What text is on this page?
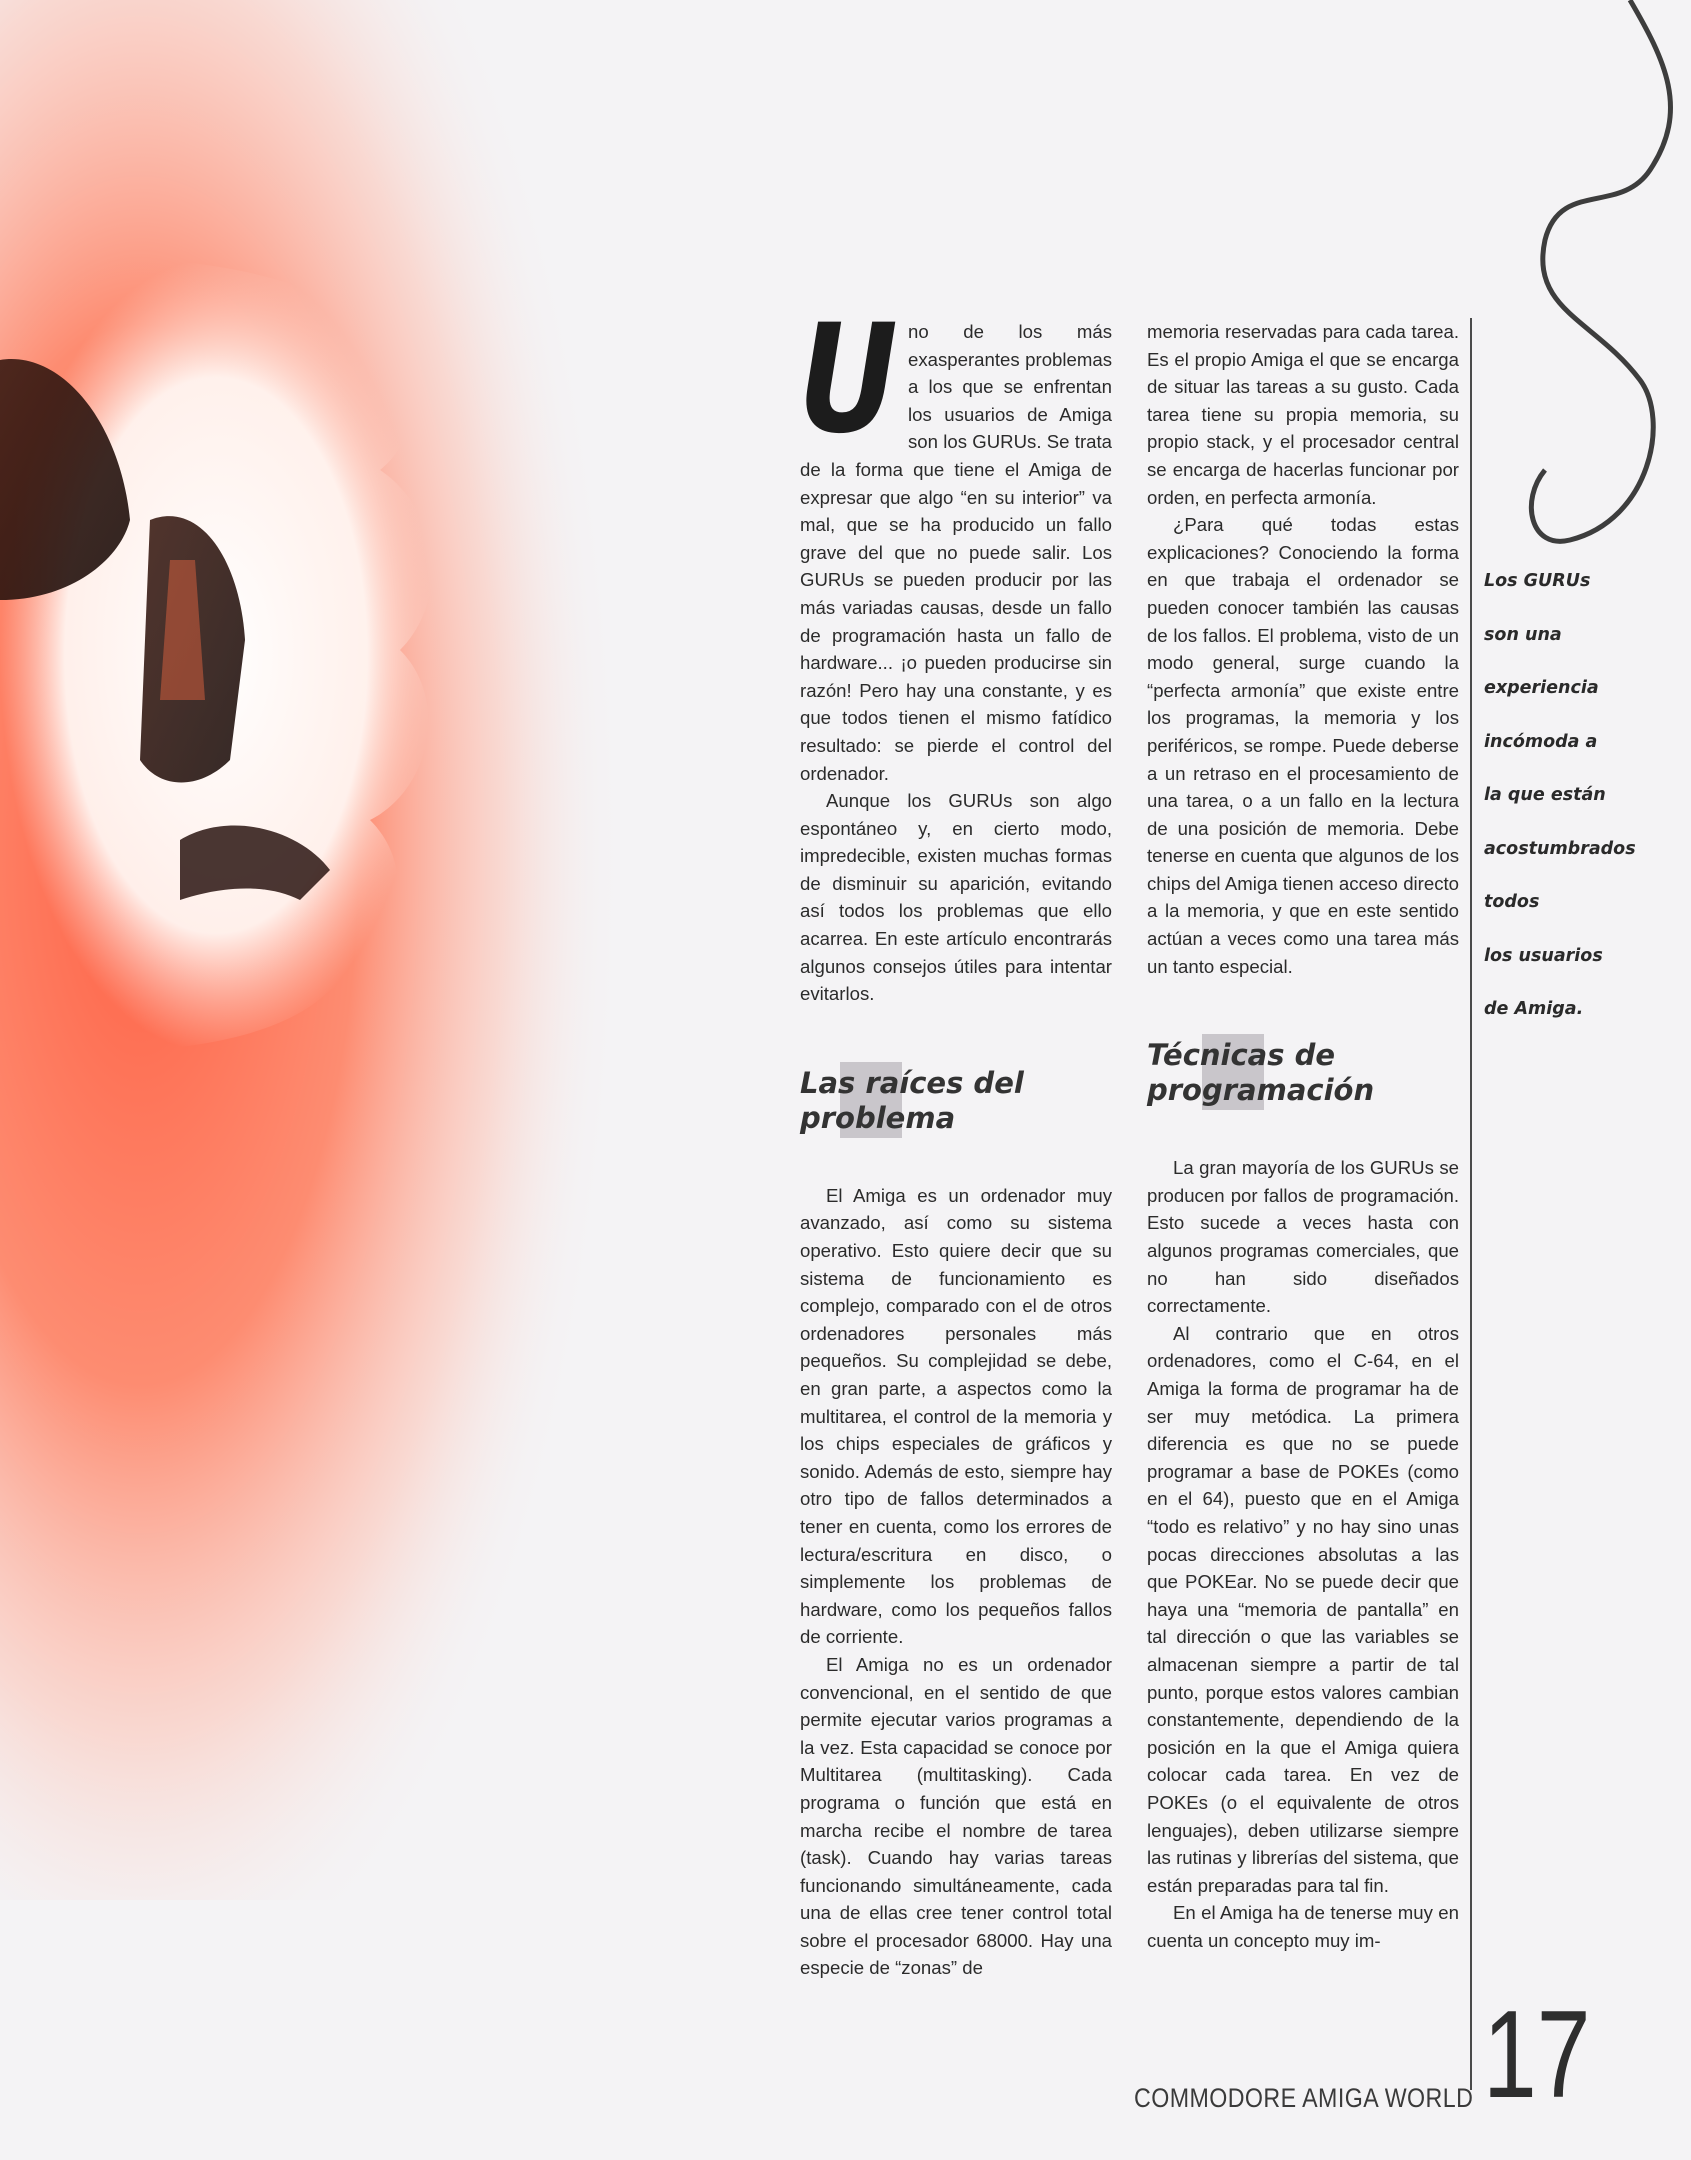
U no de los más exasperantes problemas a los que se enfrentan los usuarios de Amiga son los GURUs. Se trata de la forma que tiene el Amiga de expresar que algo “en su interior” va mal, que se ha producido un fallo grave del que no puede salir. Los GURUs se pueden producir por las más variadas causas, desde un fallo de programación hasta un fallo de hardware... ¡o pueden producirse sin razón! Pero hay una constante, y es que todos tienen el mismo fatídico resultado: se pierde el control del ordenador.

Aunque los GURUs son algo espontáneo y, en cierto modo, impredecible, existen muchas formas de disminuir su aparición, evitando así todos los problemas que ello acarrea. En este artículo encontrarás algunos consejos útiles para intentar evitarlos.

Las raíces del
problema

El Amiga es un ordenador muy avanzado, así como su sistema operativo. Esto quiere decir que su sistema de funcionamiento es complejo, comparado con el de otros ordenadores personales más pequeños. Su complejidad se debe, en gran parte, a aspectos como la multitarea, el control de la memoria y los chips especiales de gráficos y sonido. Además de esto, siempre hay otro tipo de fallos determinados a tener en cuenta, como los errores de lectura/escritura en disco, o simplemente los problemas de hardware, como los pequeños fallos de corriente.

El Amiga no es un ordenador convencional, en el sentido de que permite ejecutar varios programas a la vez. Esta capacidad se conoce por Multitarea (multitasking). Cada programa o función que está en marcha recibe el nombre de tarea (task). Cuando hay varias tareas funcionando simultáneamente, cada una de ellas cree tener control total sobre el procesador 68000. Hay una especie de “zonas” de

memoria reservadas para cada tarea. Es el propio Amiga el que se encarga de situar las tareas a su gusto. Cada tarea tiene su propia memoria, su propio stack, y el procesador central se encarga de hacerlas funcionar por orden, en perfecta armonía.

¿Para qué todas estas explicaciones? Conociendo la forma en que trabaja el ordenador se pueden conocer también las causas de los fallos. El problema, visto de un modo general, surge cuando la “perfecta armonía” que existe entre los programas, la memoria y los periféricos, se rompe. Puede deberse a un retraso en el procesamiento de una tarea, o a un fallo en la lectura de una posición de memoria. Debe tenerse en cuenta que algunos de los chips del Amiga tienen acceso directo a la memoria, y que en este sentido actúan a veces como una tarea más un tanto especial.

Técnicas de
programación

La gran mayoría de los GURUs se producen por fallos de programación. Esto sucede a veces hasta con algunos programas comerciales, que no han sido diseñados correctamente.

Al contrario que en otros ordenadores, como el C-64, en el Amiga la forma de programar ha de ser muy metódica. La primera diferencia es que no se puede programar a base de POKEs (como en el 64), puesto que en el Amiga “todo es relativo” y no hay sino unas pocas direcciones absolutas a las que POKEar. No se puede decir que haya una “memoria de pantalla” en tal dirección o que las variables se almacenan siempre a partir de tal punto, porque estos valores cambian constantemente, dependiendo de la posición en la que el Amiga quiera colocar cada tarea. En vez de POKEs (o el equivalente de otros lenguajes), deben utilizarse siempre las rutinas y librerías del sistema, que están preparadas para tal fin.

En el Amiga ha de tenerse muy en cuenta un concepto muy im-

Los GURUs
son una
experiencia
incómoda a
la que están
acostumbrados
todos
los usuarios
de Amiga.
COMMODORE AMIGA WORLD 17
